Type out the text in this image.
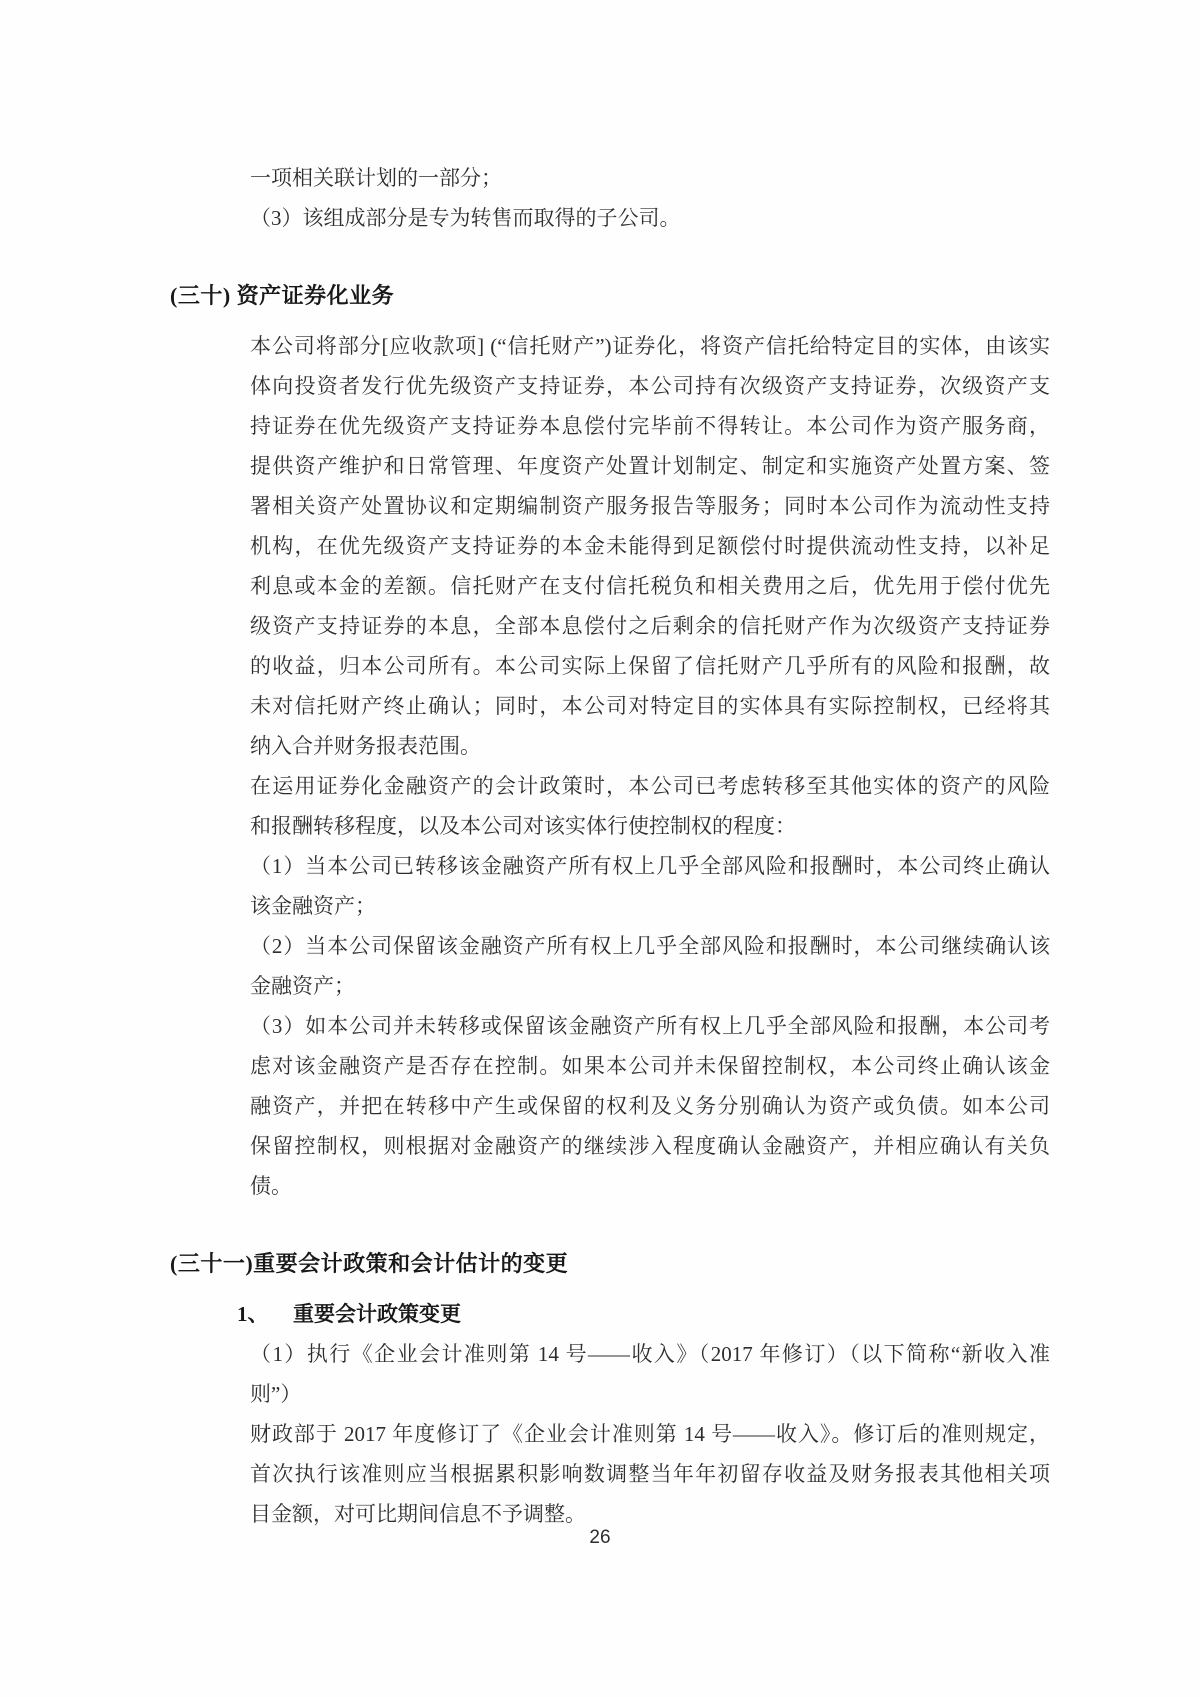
一项相关联计划的一部分；
（3）该组成部分是专为转售而取得的子公司。
(三十) 资产证券化业务
本公司将部分[应收款项] (“信托财产”)证券化，将资产信托给特定目的实体，由该实
体向投资者发行优先级资产支持证券，本公司持有次级资产支持证券，次级资产支
持证券在优先级资产支持证券本息偿付完毕前不得转让。本公司作为资产服务商，
提供资产维护和日常管理、年度资产处置计划制定、制定和实施资产处置方案、签
署相关资产处置协议和定期编制资产服务报告等服务；同时本公司作为流动性支持
机构，在优先级资产支持证券的本金未能得到足额偿付时提供流动性支持，以补足
利息或本金的差额。信托财产在支付信托税负和相关费用之后，优先用于偿付优先
级资产支持证券的本息，全部本息偿付之后剩余的信托财产作为次级资产支持证券
的收益，归本公司所有。本公司实际上保留了信托财产几乎所有的风险和报酬，故
未对信托财产终止确认；同时，本公司对特定目的实体具有实际控制权，已经将其
纳入合并财务报表范围。
在运用证券化金融资产的会计政策时，本公司已考虑转移至其他实体的资产的风险
和报酬转移程度，以及本公司对该实体行使控制权的程度：
（1）当本公司已转移该金融资产所有权上几乎全部风险和报酬时，本公司终止确认
该金融资产；
（2）当本公司保留该金融资产所有权上几乎全部风险和报酬时，本公司继续确认该
金融资产；
（3）如本公司并未转移或保留该金融资产所有权上几乎全部风险和报酬，本公司考
虑对该金融资产是否存在控制。如果本公司并未保留控制权，本公司终止确认该金
融资产，并把在转移中产生或保留的权利及义务分别确认为资产或负债。如本公司
保留控制权，则根据对金融资产的继续涉入程度确认金融资产，并相应确认有关负
债。
(三十一)重要会计政策和会计估计的变更
1、 重要会计政策变更
（1）执行《企业会计准则第 14 号——收入》（2017 年修订）（以下简称“新收入准
则”）
财政部于 2017 年度修订了《企业会计准则第 14 号——收入》。修订后的准则规定，
首次执行该准则应当根据累积影响数调整当年年初留存收益及财务报表其他相关项
目金额，对可比期间信息不予调整。
26
